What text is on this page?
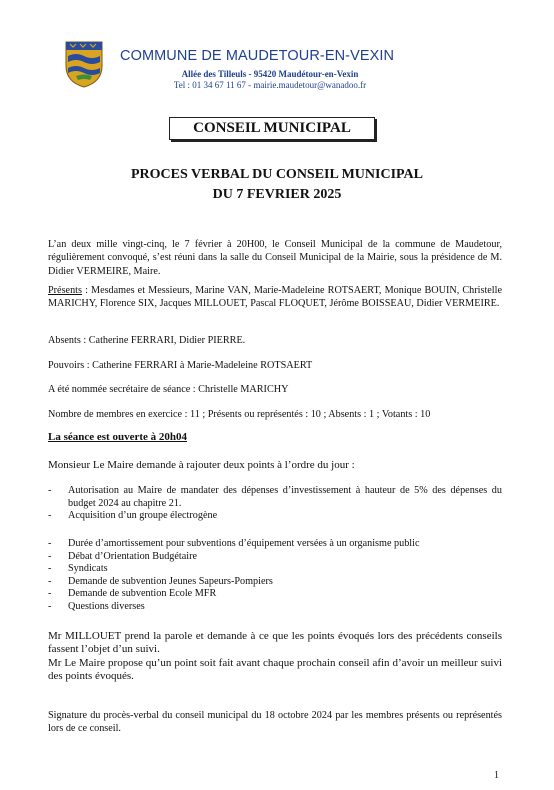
COMMUNE DE MAUDETOUR-EN-VEXIN
Allée des Tilleuls - 95420 Maudétour-en-Vexin
Tel : 01 34 67 11 67 - mairie.maudetour@wanadoo.fr
CONSEIL MUNICIPAL
PROCES VERBAL DU CONSEIL MUNICIPAL
DU 7 FEVRIER 2025
L’an deux mille vingt-cinq, le 7 février à 20H00, le Conseil Municipal de la commune de Maudetour, régulièrement convoqué, s’est réuni dans la salle du Conseil Municipal de la Mairie, sous la présidence de M. Didier VERMEIRE, Maire.
Présents : Mesdames et Messieurs, Marine VAN, Marie-Madeleine ROTSAERT, Monique BOUIN, Christelle MARICHY, Florence SIX, Jacques MILLOUET, Pascal FLOQUET, Jérôme BOISSEAU, Didier VERMEIRE.
Absents : Catherine FERRARI, Didier PIERRE.
Pouvoirs : Catherine FERRARI à Marie-Madeleine ROTSAERT
A été nommée secrétaire de séance : Christelle MARICHY
Nombre de membres en exercice : 11 ; Présents ou représentés : 10 ; Absents : 1 ; Votants : 10
La séance est ouverte à 20h04
Monsieur Le Maire demande à rajouter deux points à l’ordre du jour :
- Autorisation au Maire de mandater des dépenses d’investissement à hauteur de 5% des dépenses du budget 2024 au chapitre 21.
- Acquisition d’un groupe électrogène
- Durée d’amortissement pour subventions d’équipement versées à un organisme public
- Débat d’Orientation Budgétaire
- Syndicats
- Demande de subvention Jeunes Sapeurs-Pompiers
- Demande de subvention Ecole MFR
- Questions diverses
Mr MILLOUET prend la parole et demande à ce que les points évoqués lors des précédents conseils fassent l’objet d’un suivi.
Mr Le Maire propose qu’un point soit fait avant chaque prochain conseil afin d’avoir un meilleur suivi des points évoqués.
Signature du procès-verbal du conseil municipal du 18 octobre 2024 par les membres présents ou représentés lors de ce conseil.
1
